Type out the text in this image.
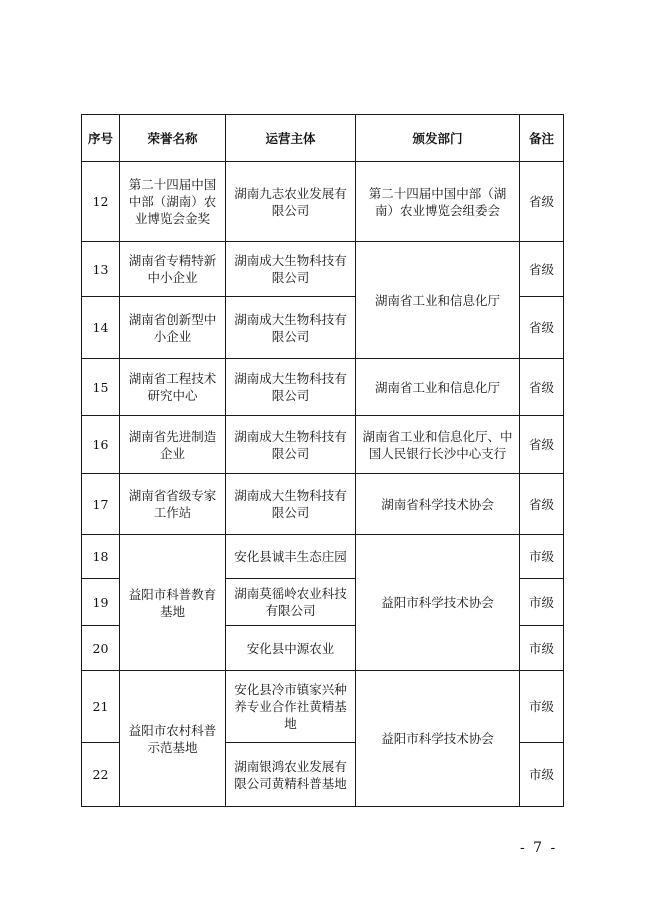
序号	荣誉名称	运营主体	颁发部门	备注
12	第二十四届中国中部（湖南）农业博览会金奖	湖南九志农业发展有限公司	第二十四届中国中部（湖南）农业博览会组委会	省级
13	湖南省专精特新中小企业	湖南成大生物科技有限公司	湖南省工业和信息化厅	省级
14	湖南省创新型中小企业	湖南成大生物科技有限公司		省级
15	湖南省工程技术研究中心	湖南成大生物科技有限公司	湖南省工业和信息化厅	省级
16	湖南省先进制造企业	湖南成大生物科技有限公司	湖南省工业和信息化厅、中国人民银行长沙中心支行	省级
17	湖南省省级专家工作站	湖南成大生物科技有限公司	湖南省科学技术协会	省级
18	益阳市科普教育基地	安化县诚丰生态庄园	益阳市科学技术协会	市级
19		湖南莫徭岭农业科技有限公司		市级
20		安化县中源农业		市级
21	益阳市农村科普示范基地	安化县冷市镇家兴种养专业合作社黄精基地	益阳市科学技术协会	市级
22		湖南银鸿农业发展有限公司黄精科普基地		市级
- 7 -
